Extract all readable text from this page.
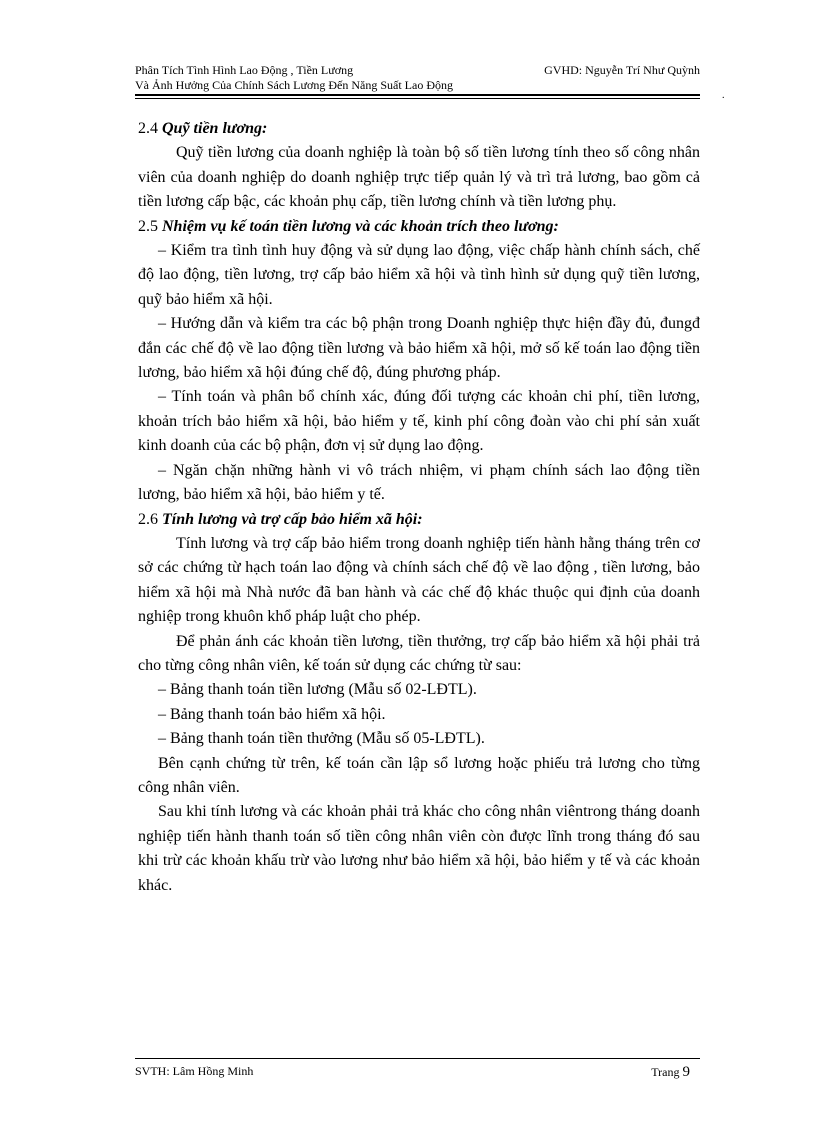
Phân Tích Tình Hình Lao Động , Tiền Lương	GVHD: Nguyễn Trí Như Quỳnh
Và Ảnh Hưởng Của Chính Sách Lương Đến Năng Suất Lao Động
.

2.4 Quỹ tiền lương:

Quỹ tiền lương của doanh nghiệp là toàn bộ số tiền lương tính theo số công nhân viên của doanh nghiệp do doanh nghiệp trực tiếp quản lý và trì trả lương, bao gồm cả tiền lương cấp bậc, các khoản phụ cấp, tiền lương chính và tiền lương phụ.

2.5 Nhiệm vụ kế toán tiền lương và các khoản trích theo lương:

– Kiểm tra tình tình huy động và sử dụng lao động, việc chấp hành chính sách, chế độ lao động, tiền lương, trợ cấp bảo hiểm xã hội và tình hình sử dụng quỹ tiền lương, quỹ bảo hiểm xã hội.

– Hướng dẫn và kiểm tra các bộ phận trong Doanh nghiệp thực hiện đầy đủ, đungđ đắn các chế độ về lao động tiền lương và bảo hiểm xã hội, mở số kế toán lao động tiền lương, bảo hiểm xã hội đúng chế độ, đúng phương pháp.

– Tính toán và phân bổ chính xác, đúng đối tượng các khoản chi phí, tiền lương, khoản trích bảo hiểm xã hội, bảo hiểm y tế, kinh phí công đoàn vào chi phí sản xuất kinh doanh của các bộ phận, đơn vị sử dụng lao động.

– Ngăn chặn những hành vi vô trách nhiệm, vi phạm chính sách lao động tiền lương, bảo hiểm xã hội, bảo hiểm y tế.

2.6 Tính lương và trợ cấp bảo hiểm xã hội:

Tính lương và trợ cấp bảo hiểm trong doanh nghiệp tiến hành hằng tháng trên cơ sở các chứng từ hạch toán lao động và chính sách chế độ về lao động , tiền lương, bảo hiểm xã hội mà Nhà nước đã ban hành và các chế độ khác thuộc qui định của doanh nghiệp trong khuôn khổ pháp luật cho phép.

Để phản ánh các khoản tiền lương, tiền thưởng, trợ cấp bảo hiểm xã hội phải trả cho từng công nhân viên, kế toán sử dụng các chứng từ sau:

– Bảng thanh toán tiền lương (Mẫu số 02-LĐTL).

– Bảng thanh toán bảo hiểm xã hội.

– Bảng thanh toán tiền thưởng (Mẫu số 05-LĐTL).

Bên cạnh chứng từ trên, kế toán cần lập sổ lương hoặc phiếu trả lương cho từng công nhân viên.

Sau khi tính lương và các khoản phải trả khác cho công nhân viêntrong tháng doanh nghiệp tiến hành thanh toán số tiền công nhân viên còn được lĩnh trong tháng đó sau khi trừ các khoản khấu trừ vào lương như bảo hiểm xã hội, bảo hiểm y tế và các khoản khác.

SVTH: Lâm Hồng Minh	Trang 9
